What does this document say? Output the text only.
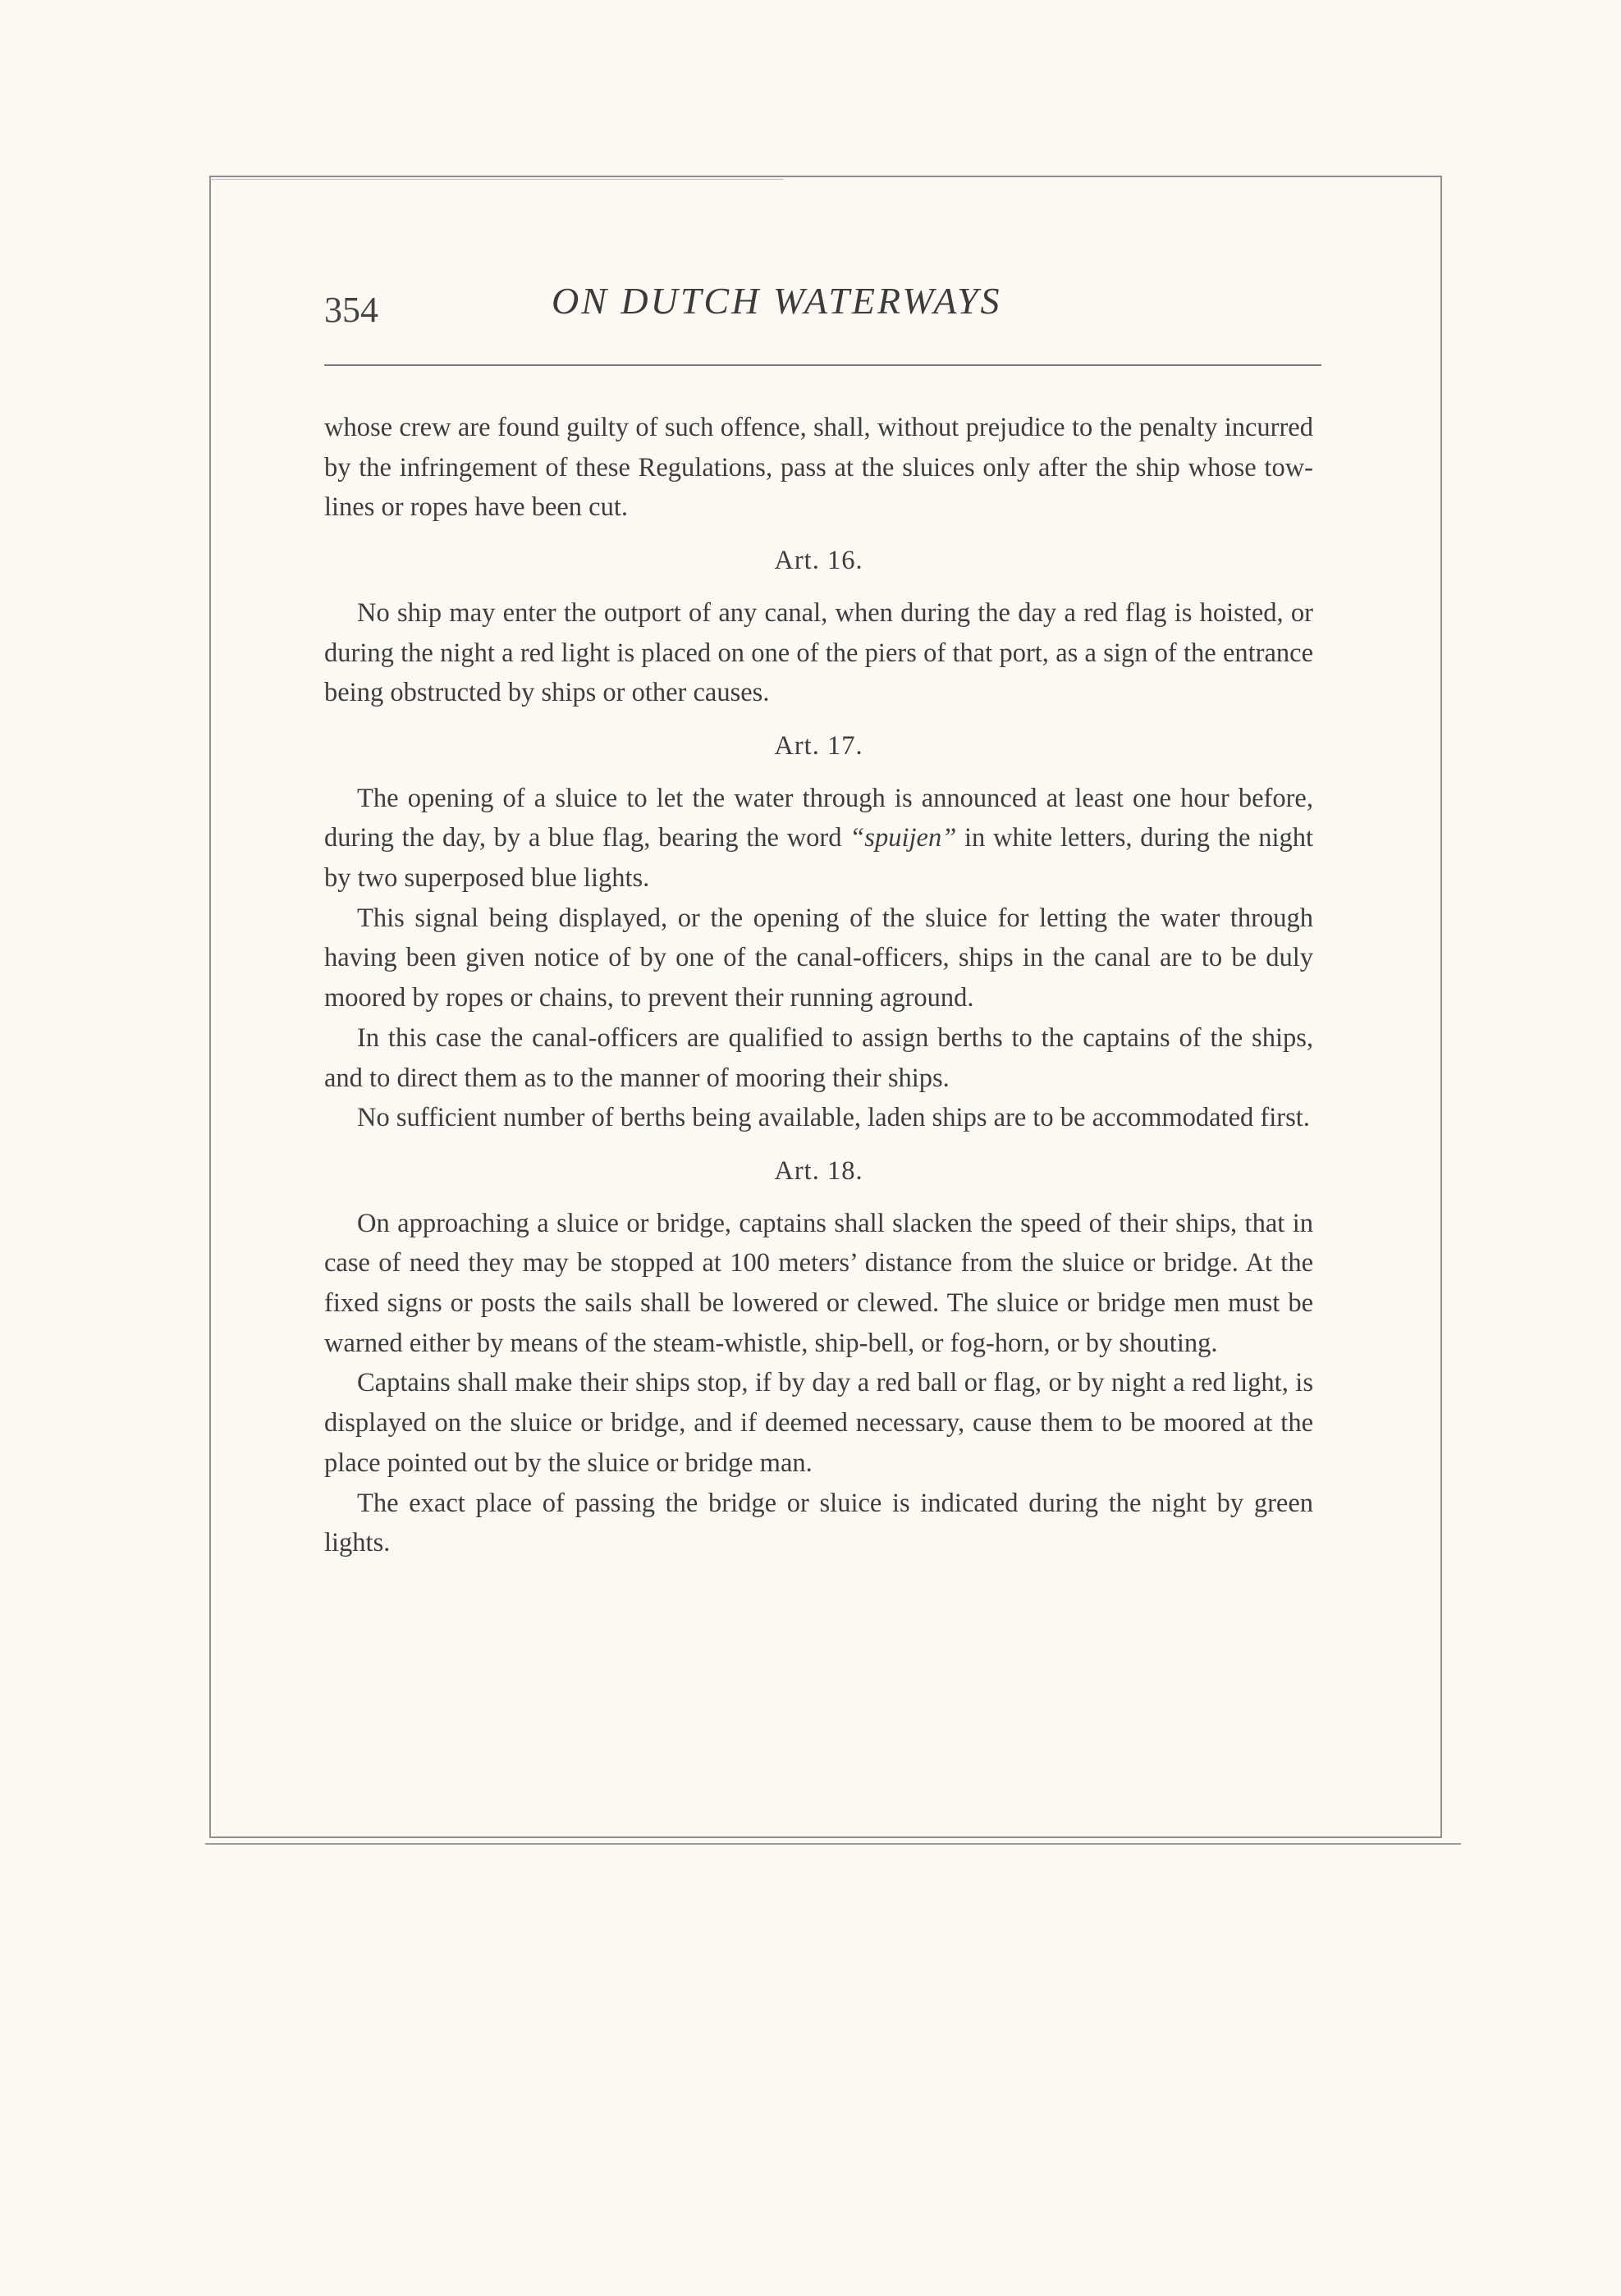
354	ON DUTCH WATERWAYS

whose crew are found guilty of such offence, shall, without prejudice to the penalty incurred by the infringement of these Regulations, pass at the sluices only after the ship whose tow-lines or ropes have been cut.

Art. 16.

No ship may enter the outport of any canal, when during the day a red flag is hoisted, or during the night a red light is placed on one of the piers of that port, as a sign of the entrance being obstructed by ships or other causes.

Art. 17.

The opening of a sluice to let the water through is announced at least one hour before, during the day, by a blue flag, bearing the word “spuijen” in white letters, during the night by two superposed blue lights.

This signal being displayed, or the opening of the sluice for letting the water through having been given notice of by one of the canal-officers, ships in the canal are to be duly moored by ropes or chains, to prevent their running aground.

In this case the canal-officers are qualified to assign berths to the captains of the ships, and to direct them as to the manner of mooring their ships.

No sufficient number of berths being available, laden ships are to be accommodated first.

Art. 18.

On approaching a sluice or bridge, captains shall slacken the speed of their ships, that in case of need they may be stopped at 100 meters’ distance from the sluice or bridge. At the fixed signs or posts the sails shall be lowered or clewed. The sluice or bridge men must be warned either by means of the steam-whistle, ship-bell, or fog-horn, or by shouting.

Captains shall make their ships stop, if by day a red ball or flag, or by night a red light, is displayed on the sluice or bridge, and if deemed necessary, cause them to be moored at the place pointed out by the sluice or bridge man.

The exact place of passing the bridge or sluice is indicated during the night by green lights.
